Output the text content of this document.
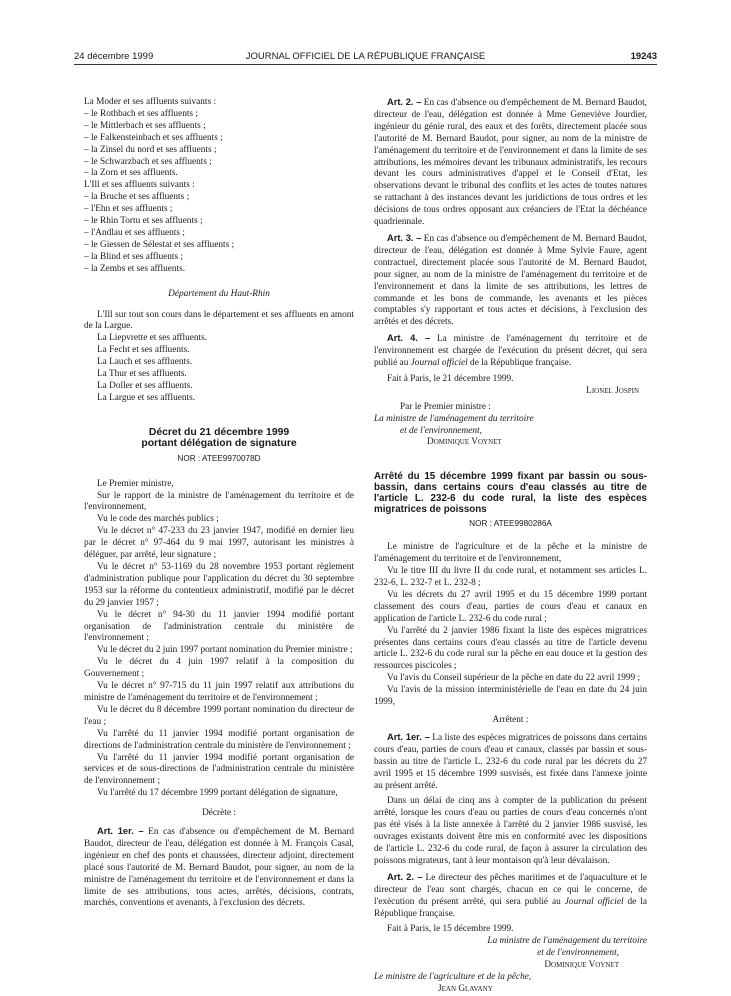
24 décembre 1999	JOURNAL OFFICIEL DE LA RÉPUBLIQUE FRANÇAISE	19243

La Moder et ses affluents suivants :

– le Rothbach et ses affluents ;

– le Mittlerbach et ses affluents ;

– le Falkensteinbach et ses affluents ;

– la Zinsel du nord et ses affluents ;

– le Schwarzbach et ses affluents ;

– la Zorn et ses affluents.

L'Ill et ses affluents suivants :

– la Bruche et ses affluents ;

– l'Ehn et ses affluents ;

– le Rhin Tortu et ses affluents ;

– l'Andlau et ses affluents ;

– le Giessen de Sélestat et ses affluents ;

– la Blind et ses affluents ;

– la Zembs et ses affluents.

Département du Haut-Rhin

L'Ill sur tout son cours dans le département et ses affluents en amont de la Largue.

La Liepvrette et ses affluents.

La Fecht et ses affluents.

La Lauch et ses affluents.

La Thur et ses affluents.

La Doller et ses affluents.

La Largue et ses affluents.

Décret du 21 décembre 1999
portant délégation de signature
NOR : ATEE9970078D

Le Premier ministre,

Sur le rapport de la ministre de l'aménagement du territoire et de l'environnement,

Vu le code des marchés publics ;

Vu le décret n° 47-233 du 23 janvier 1947, modifié en dernier lieu par le décret n° 97-464 du 9 mai 1997, autorisant les ministres à déléguer, par arrêté, leur signature ;

Vu le décret n° 53-1169 du 28 novembre 1953 portant règlement d'administration publique pour l'application du décret du 30 septembre 1953 sur la réforme du contentieux administratif, modifié par le décret du 29 janvier 1957 ;

Vu le décret n° 94-30 du 11 janvier 1994 modifié portant organisation de l'administration centrale du ministère de l'environnement ;

Vu le décret du 2 juin 1997 portant nomination du Premier ministre ;

Vu le décret du 4 juin 1997 relatif à la composition du Gouvernement ;

Vu le décret n° 97-715 du 11 juin 1997 relatif aux attributions du ministre de l'aménagement du territoire et de l'environnement ;

Vu le décret du 8 décembre 1999 portant nomination du directeur de l'eau ;

Vu l'arrêté du 11 janvier 1994 modifié portant organisation de directions de l'administration centrale du ministère de l'environnement ;

Vu l'arrêté du 11 janvier 1994 modifié portant organisation de services et de sous-directions de l'administration centrale du ministère de l'environnement ;

Vu l'arrêté du 17 décembre 1999 portant délégation de signature,

Décrète :

Art. 1er. – En cas d'absence ou d'empêchement de M. Bernard Baudot, directeur de l'eau, délégation est donnée à M. François Casal, ingénieur en chef des ponts et chaussées, directeur adjoint, directement placé sous l'autorité de M. Bernard Baudot, pour signer, au nom de la ministre de l'aménagement du territoire et de l'environnement et dans la limite de ses attributions, tous actes, arrêtés, décisions, contrats, marchés, conventions et avenants, à l'exclusion des décrets.

Art. 2. – En cas d'absence ou d'empêchement de M. Bernard Baudot, directeur de l'eau, délégation est donnée à Mme Geneviève Jourdier, ingénieur du génie rural, des eaux et des forêts, directement placée sous l'autorité de M. Bernard Baudot, pour signer, au nom de la ministre de l'aménagement du territoire et de l'environnement et dans la limite de ses attributions, les mémoires devant les tribunaux administratifs, les recours devant les cours administratives d'appel et le Conseil d'Etat, les observations devant le tribunal des conflits et les actes de toutes natures se rattachant à des instances devant les juridictions de tous ordres et les décisions de tous ordres opposant aux créanciers de l'Etat la déchéance quadriennale.

Art. 3. – En cas d'absence ou d'empêchement de M. Bernard Baudot, directeur de l'eau, délégation est donnée à Mme Sylvie Faure, agent contractuel, directement placée sous l'autorité de M. Bernard Baudot, pour signer, au nom de la ministre de l'aménagement du territoire et de l'environnement et dans la limite de ses attributions, les lettres de commande et les bons de commande, les avenants et les pièces comptables s'y rapportant et tous actes et décisions, à l'exclusion des arrêtés et des décrets.

Art. 4. – La ministre de l'aménagement du territoire et de l'environnement est chargée de l'exécution du présent décret, qui sera publié au Journal officiel de la République française.

Fait à Paris, le 21 décembre 1999.

Lionel Jospin

Par le Premier ministre :

La ministre de l'aménagement du territoire

et de l'environnement,

Dominique Voynet

Arrêté du 15 décembre 1999 fixant par bassin ou sous-bassin, dans certains cours d'eau classés au titre de l'article L. 232-6 du code rural, la liste des espèces migratrices de poissons

NOR : ATEE9980286A

Le ministre de l'agriculture et de la pêche et la ministre de l'aménagement du territoire et de l'environnement,

Vu le titre III du livre II du code rural, et notamment ses articles L. 232-6, L. 232-7 et L. 232-8 ;

Vu les décrets du 27 avril 1995 et du 15 décembre 1999 portant classement des cours d'eau, parties de cours d'eau et canaux en application de l'article L. 232-6 du code rural ;

Vu l'arrêté du 2 janvier 1986 fixant la liste des espèces migratrices présentes dans certains cours d'eau classés au titre de l'article devenu article L. 232-6 du code rural sur la pêche en eau douce et la gestion des ressources piscicoles ;

Vu l'avis du Conseil supérieur de la pêche en date du 22 avril 1999 ;

Vu l'avis de la mission interministérielle de l'eau en date du 24 juin 1999,

Arrêtent :

Art. 1er. – La liste des espèces migratrices de poissons dans certains cours d'eau, parties de cours d'eau et canaux, classés par bassin et sous-bassin au titre de l'article L. 232-6 du code rural par les décrets du 27 avril 1995 et 15 décembre 1999 susvisés, est fixée dans l'annexe jointe au présent arrêté.

Dans un délai de cinq ans à compter de la publication du présent arrêté, lorsque les cours d'eau ou parties de cours d'eau concernés n'ont pas été visés à la liste annexée à l'arrêté du 2 janvier 1986 susvisé, les ouvrages existants doivent être mis en conformité avec les dispositions de l'article L. 232-6 du code rural, de façon à assurer la circulation des poissons migrateurs, tant à leur montaison qu'à leur dévalaison.

Art. 2. – Le directeur des pêches maritimes et de l'aquaculture et le directeur de l'eau sont chargés, chacun en ce qui le concerne, de l'exécution du présent arrêté, qui sera publié au Journal officiel de la République française.

Fait à Paris, le 15 décembre 1999.

La ministre de l'aménagement du territoire

et de l'environnement,

Dominique Voynet

Le ministre de l'agriculture et de la pêche,

Jean Glavany
